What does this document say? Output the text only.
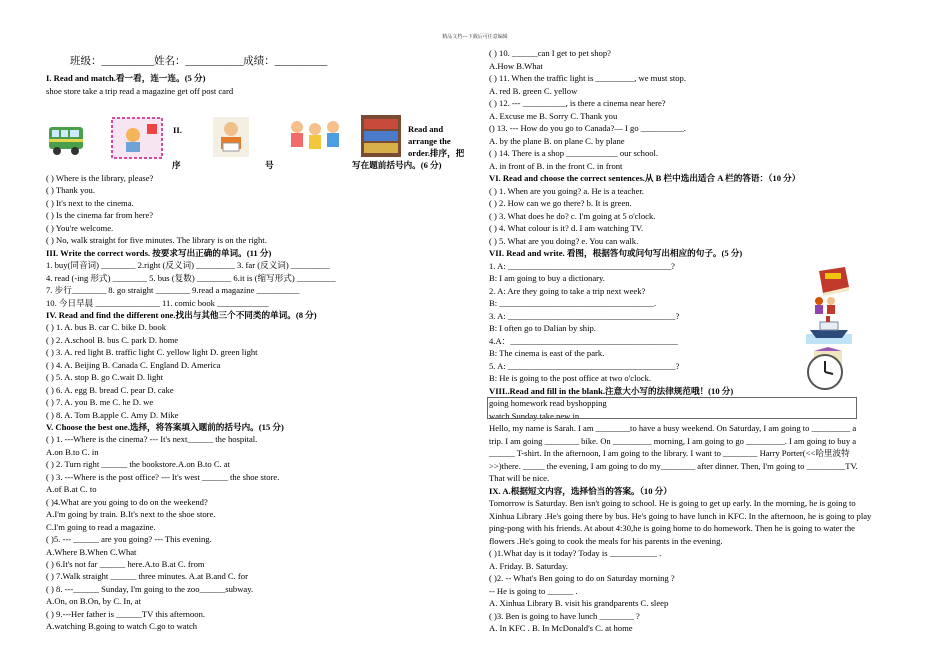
精品文档---下载后可任意编辑
班级：__________姓名：___________成绩：__________
I. Read and match.看一看，连一连。(5 分)
shoe store take a trip read a magazine get off post card
( ) Where is the library, please?
( ) Thank you.
( ) It's next to the cinema.
( ) Is the cinema far from here?
( ) You're welcome.
( ) No, walk straight for five minutes. The library is on the right.
III. Write the correct words. 按要求写出正确的单词。(11 分)
1. buy(同音词) ________ 2.right (反义词) _________ 3. far (反义词) _________
4. read (-ing 形式) ________ 5. bus (复数) ________ 6.it is (缩写形式) _________
7. 步行________ 8. go straight ________ 9.read a magazine __________
10. 今日早晨 _______________ 11. comic book ____________
IV. Read and find the different one.找出与其他三个不同类的单词。(8 分)
( ) 1. A. bus B. car C. bike D. book
( ) 2. A.school B. bus C. park D. home
( ) 3. A. red light B. traffic light C. yellow light D. green light
( ) 4. A. Beijing B. Canada C. England D. America
( ) 5. A. stop B. go C.wait D. light
( ) 6. A. egg B. bread C. pear D. cake
( ) 7. A. you B. me C. he D. we
( ) 8. A. Tom B.apple C. Amy D. Mike
V. Choose the best one.选择，将答案填入题前的括号内。(15 分)
( ) 1. ---Where is the cinema? --- It's next______ the hospital.
A.on B.to C. in
( ) 2. Turn right ______ the bookstore.A.on B.to C. at
( ) 3. ---Where is the post office? --- It's west ______ the shoe store.
A.of B.at C. to
( )4.What are you going to do on the weekend?
A.I'm going by train. B.It's next to the shoe store.
C.I'm going to read a magazine.
( )5. --- ______ are you going? --- This evening.
A.Where B.When C.What
( ) 6.It's not far ______ here.A.to B.at C. from
( ) 7.Walk straight ______ three minutes. A.at B.and C. for
( ) 8. ---______ Sunday, I'm going to the zoo______subway.
A.On, on B.On, by C. In, at
( ) 9.---Her father is ______TV this afternoon.
A.watching B.going to watch C.go to watch
( ) 10. ______can I get to pet shop?
A.How B.What
( ) 11. When the traffic light is _________, we must stop.
A. red B. green C. yellow
( ) 12. --- __________, is there a cinema near here?
A. Excuse me B. Sorry C. Thank you
() 13. --- How do you go to Canada?— I go __________.
A. by the plane B. on plane C. by plane
( ) 14. There is a shop ____________ our school.
A. in front of B. in the front C. in front
VI. Read and choose the correct sentences.从 B 栏中选出适合 A 栏的答语：（10 分）
( ) 1. When are you going? a. He is a teacher.
( ) 2. How can we go there? b. It is green.
( ) 3. What does he do? c. I'm going at 5 o'clock.
( ) 4. What colour is it? d. I am watching TV.
( ) 5. What are you doing? e. You can walk.
VII. Read and write. 看图，根据答句或问句写出相应的句子。(5 分)
1. A: ______________________________________?
B: I am going to buy a dictionary.
2. A: Are they going to take a trip next week?
B: ____________________________________.
3. A: _______________________________________?
B: I often go to Dalian by ship.
4.A：_______________________________________
B: The cinema is east of the park.
5. A: _______________________________________?
B: He is going to the post office at two o'clock.
VIII..Read and fill in the blank.注意大小写的法律规范哦！(10 分)
going homework read byshopping
watch Sunday take new in
Hello, my name is Sarah. I am ________to have a busy weekend. On Saturday, I am going to _________ a
trip. I am going ________ bike. On _________ morning, I am going to go _________. I am going to buy a
______ T-shirt. In the afternoon, I am going to the library. I want to ________ Harry Porter(<<哈里波特
>>)there. _____ the evening, I am going to do my________ after dinner. Then, I'm going to _________TV.
That will be nice.
IX. A.根据短文内容，选择恰当的答案。（10 分）
Tomorrow is Saturday. Ben isn't going to school. He is going to get up early. In the morning, he is going to
Xinhua Library .He's going there by bus. He's going to have lunch in KFC. In the afternoon, he is going to play
ping-pong with his friends. At about 4:30,he is going home to do homework. Then he is going to water the
flowers .He's going to cook the meals for his parents in the evening.
( )1.What day is it today? Today is ___________ .
A. Friday. B. Saturday.
( )2. -- What's Ben going to do on Saturday morning ?
-- He is going to ______ .
A. Xinhua Library B. visit his grandparents C. sleep
( )3. Ben is going to have lunch ________ ?
A. In KFC . B. In McDonald's C. at home
II.	Read and
arrange the
order.排序，把
序	号	写在题前括号内。(6 分)
